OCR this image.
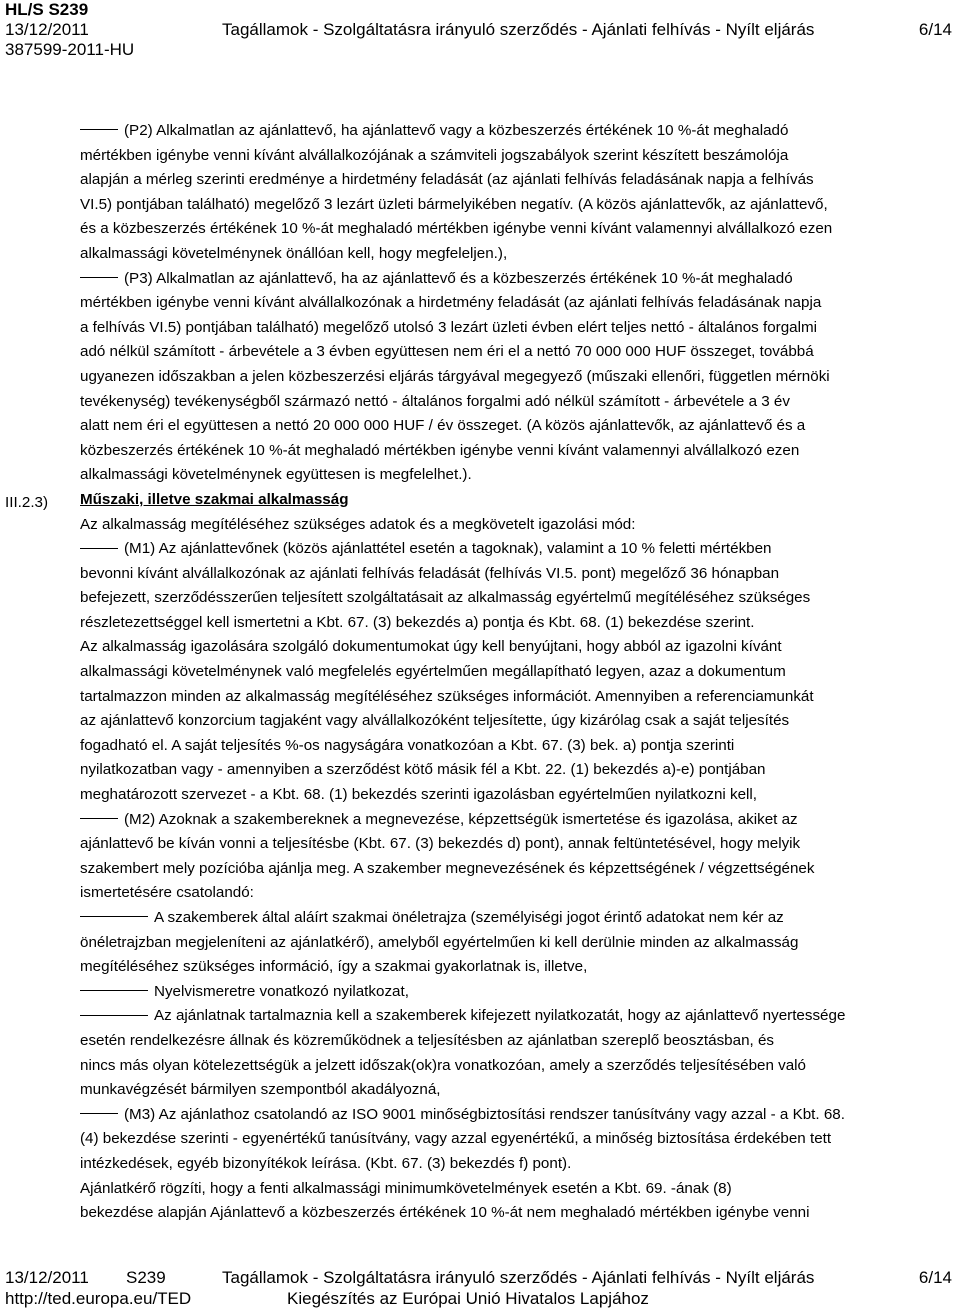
HL/S S239
13/12/2011	Tagállamok - Szolgáltatásra irányuló szerződés - Ajánlati felhívás - Nyílt eljárás	6/14
387599-2011-HU
III.2.3)
(P2) Alkalmatlan az ajánlattevő, ha ajánlattevő vagy a közbeszerzés értékének 10 %-át meghaladó
mértékben igénybe venni kívánt alvállalkozójának a számviteli jogszabályok szerint készített beszámolója
alapján a mérleg szerinti eredménye a hirdetmény feladását (az ajánlati felhívás feladásának napja a felhívás
VI.5) pontjában található) megelőző 3 lezárt üzleti bármelyikében negatív. (A közös ajánlattevők, az ajánlattevő,
és a közbeszerzés értékének 10 %-át meghaladó mértékben igénybe venni kívánt valamennyi alvállalkozó ezen
alkalmassági követelménynek önállóan kell, hogy megfeleljen.),
(P3) Alkalmatlan az ajánlattevő, ha az ajánlattevő és a közbeszerzés értékének 10 %-át meghaladó
mértékben igénybe venni kívánt alvállalkozónak a hirdetmény feladását (az ajánlati felhívás feladásának napja
a felhívás VI.5) pontjában található) megelőző utolsó 3 lezárt üzleti évben elért teljes nettó - általános forgalmi
adó nélkül számított - árbevétele a 3 évben együttesen nem éri el a nettó 70 000 000 HUF összeget, továbbá
ugyanezen időszakban a jelen közbeszerzési eljárás tárgyával megegyező (műszaki ellenőri, független mérnöki
tevékenység) tevékenységből származó nettó - általános forgalmi adó nélkül számított - árbevétele a 3 év
alatt nem éri el együttesen a nettó 20 000 000 HUF / év összeget. (A közös ajánlattevők, az ajánlattevő és a
közbeszerzés értékének 10 %-át meghaladó mértékben igénybe venni kívánt valamennyi alvállalkozó ezen
alkalmassági követelménynek együttesen is megfelelhet.).
Műszaki, illetve szakmai alkalmasság
Az alkalmasság megítéléséhez szükséges adatok és a megkövetelt igazolási mód:
(M1) Az ajánlattevőnek (közös ajánlattétel esetén a tagoknak), valamint a 10 % feletti mértékben
bevonni kívánt alvállalkozónak az ajánlati felhívás feladását (felhívás VI.5. pont) megelőző 36 hónapban
befejezett, szerződésszerűen teljesített szolgáltatásait az alkalmasság egyértelmű megítéléséhez szükséges
részletezettséggel kell ismertetni a Kbt. 67. (3) bekezdés a) pontja és Kbt. 68. (1) bekezdése szerint.
Az alkalmasság igazolására szolgáló dokumentumokat úgy kell benyújtani, hogy abból az igazolni kívánt
alkalmassági követelménynek való megfelelés egyértelműen megállapítható legyen, azaz a dokumentum
tartalmazzon minden az alkalmasság megítéléséhez szükséges információt. Amennyiben a referenciamunkát
az ajánlattevő konzorcium tagjaként vagy alvállalkozóként teljesítette, úgy kizárólag csak a saját teljesítés
fogadható el. A saját teljesítés %-os nagyságára vonatkozóan a Kbt. 67. (3) bek. a) pontja szerinti
nyilatkozatban vagy - amennyiben a szerződést kötő másik fél a Kbt. 22. (1) bekezdés a)-e) pontjában
meghatározott szervezet - a Kbt. 68. (1) bekezdés szerinti igazolásban egyértelműen nyilatkozni kell,
(M2) Azoknak a szakembereknek a megnevezése, képzettségük ismertetése és igazolása, akiket az
ajánlattevő be kíván vonni a teljesítésbe (Kbt. 67. (3) bekezdés d) pont), annak feltüntetésével, hogy melyik
szakembert mely pozícióba ajánlja meg. A szakember megnevezésének és képzettségének / végzettségének
ismertetésére csatolandó:
A szakemberek által aláírt szakmai önéletrajza (személyiségi jogot érintő adatokat nem kér az
önéletrajzban megjeleníteni az ajánlatkérő), amelyből egyértelműen ki kell derülnie minden az alkalmasság
megítéléséhez szükséges információ, így a szakmai gyakorlatnak is, illetve,
Nyelvismeretre vonatkozó nyilatkozat,
Az ajánlatnak tartalmaznia kell a szakemberek kifejezett nyilatkozatát, hogy az ajánlattevő nyertessége
esetén rendelkezésre állnak és közreműködnek a teljesítésben az ajánlatban szereplő beosztásban, és
nincs más olyan kötelezettségük a jelzett időszak(ok)ra vonatkozóan, amely a szerződés teljesítésében való
munkavégzését bármilyen szempontból akadályozná,
(M3) Az ajánlathoz csatolandó az ISO 9001 minőségbiztosítási rendszer tanúsítvány vagy azzal - a Kbt. 68.
(4) bekezdése szerinti - egyenértékű tanúsítvány, vagy azzal egyenértékű, a minőség biztosítása érdekében tett
intézkedések, egyéb bizonyítékok leírása. (Kbt. 67. (3) bekezdés f) pont).
Ajánlatkérő rögzíti, hogy a fenti alkalmassági minimumkövetelmények esetén a Kbt. 69. -ának (8)
bekezdése alapján Ajánlattevő a közbeszerzés értékének 10 %-át nem meghaladó mértékben igénybe venni
13/12/2011 S239	Tagállamok - Szolgáltatásra irányuló szerződés - Ajánlati felhívás - Nyílt eljárás	6/14
http://ted.europa.eu/TED	Kiegészítés az Európai Unió Hivatalos Lapjához
